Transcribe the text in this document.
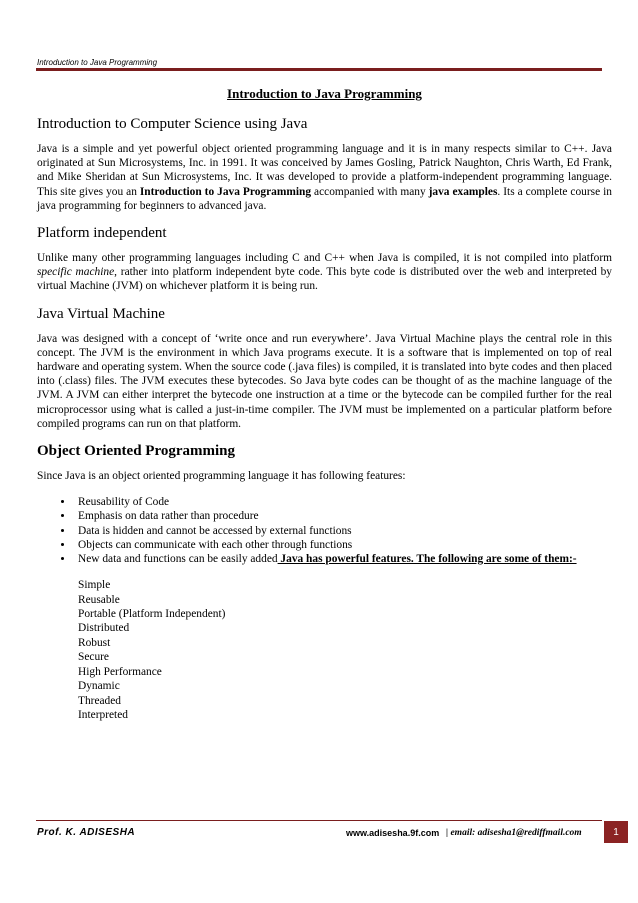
Introduction to Java Programming
Introduction to Java Programming
Introduction to Computer Science using Java

Java is a simple and yet powerful object oriented programming language and it is in many respects similar to C++. Java originated at Sun Microsystems, Inc. in 1991. It was conceived by James Gosling, Patrick Naughton, Chris Warth, Ed Frank, and Mike Sheridan at Sun Microsystems, Inc. It was developed to provide a platform-independent programming language. This site gives you an Introduction to Java Programming accompanied with many java examples. Its a complete course in java programming for beginners to advanced java.

Platform independent

Unlike many other programming languages including C and C++ when Java is compiled, it is not compiled into platform specific machine, rather into platform independent byte code. This byte code is distributed over the web and interpreted by virtual Machine (JVM) on whichever platform it is being run.

Java Virtual Machine

Java was designed with a concept of ‘write once and run everywhere’. Java Virtual Machine plays the central role in this concept. The JVM is the environment in which Java programs execute. It is a software that is implemented on top of real hardware and operating system. When the source code (.java files) is compiled, it is translated into byte codes and then placed into (.class) files. The JVM executes these bytecodes. So Java byte codes can be thought of as the machine language of the JVM. A JVM can either interpret the bytecode one instruction at a time or the bytecode can be compiled further for the real microprocessor using what is called a just-in-time compiler. The JVM must be implemented on a particular platform before compiled programs can run on that platform.

Object Oriented Programming

Since Java is an object oriented programming language it has following features:

• Reusability of Code
• Emphasis on data rather than procedure
• Data is hidden and cannot be accessed by external functions
• Objects can communicate with each other through functions
• New data and functions can be easily added Java has powerful features. The following are some of them:-
Simple
Reusable
Portable (Platform Independent)
Distributed
Robust
Secure
High Performance
Dynamic
Threaded
Interpreted
Prof. K. ADISESHA	www.adisesha.9f.com | email: adisesha1@rediffmail.com	1
